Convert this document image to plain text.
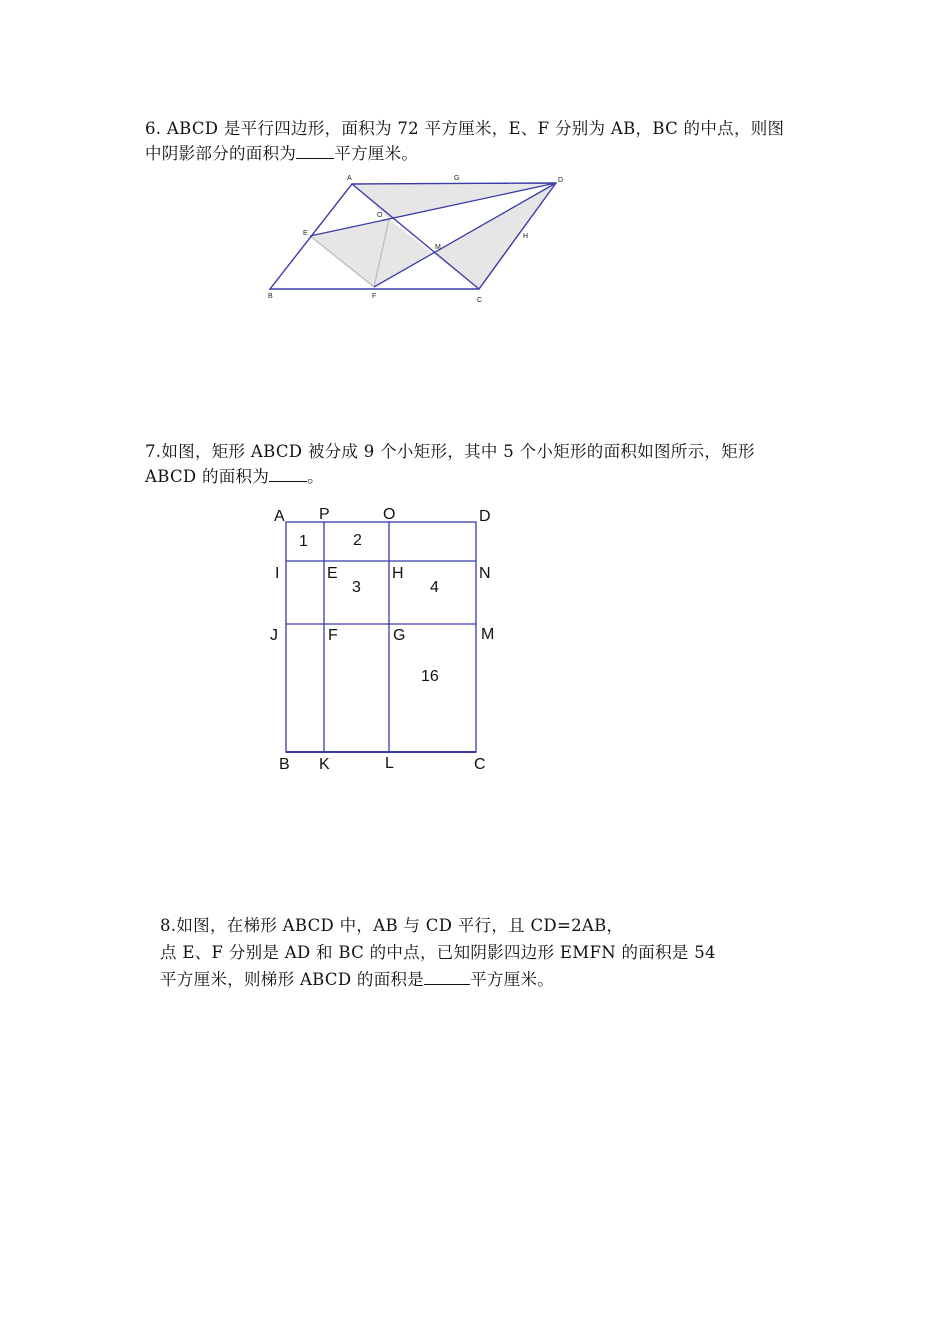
6. ABCD 是平行四边形，面积为 72 平方厘米，E、F 分别为 AB，BC 的中点，则图
中阴影部分的面积为 平方厘米。
A	G	D
O
E	H
M
B	F
C
7.如图，矩形 ABCD 被分成 9 个小矩形，其中 5 个小矩形的面积如图所示，矩形
ABCD 的面积为 。
A P	O	D
I	E	H	N
J	F	G	M
B K	L	C
1	2
3	4
16
8.如图，在梯形 ABCD 中，AB 与 CD 平行，且 CD=2AB，
点 E、F 分别是 AD 和 BC 的中点，已知阴影四边形 EMFN 的面积是 54
平方厘米，则梯形 ABCD 的面积是	平方厘米。
